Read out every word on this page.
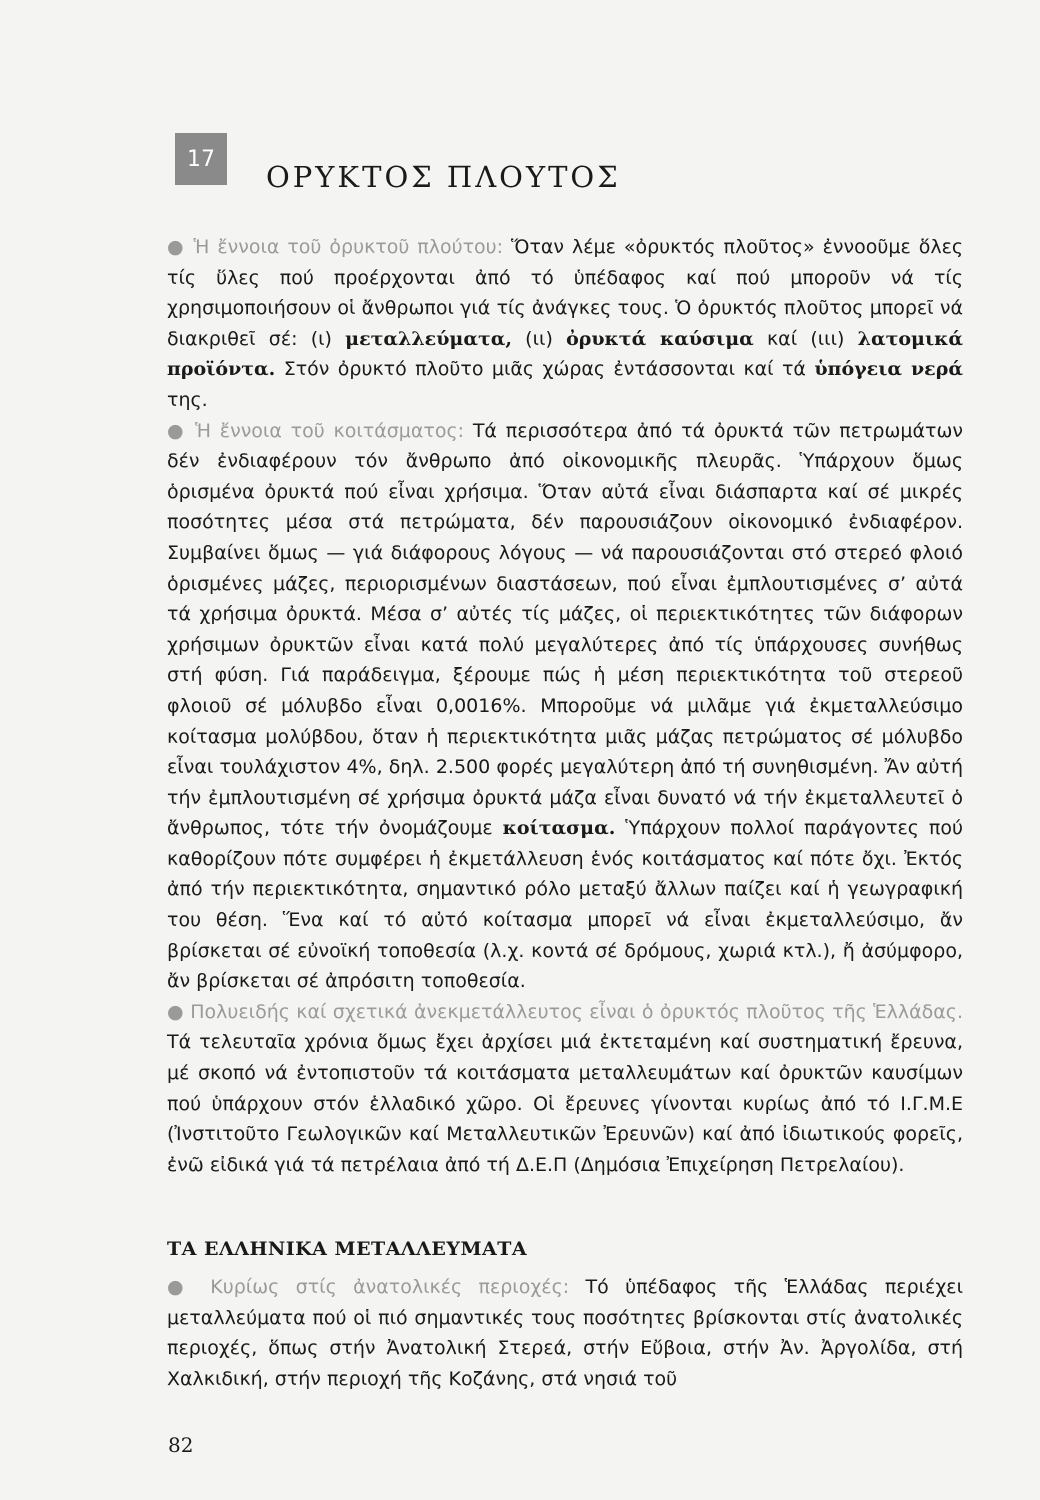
17
ΟΡΥΚΤΟΣ ΠΛΟΥΤΟΣ

● Ἡ ἔννοια τοῦ ὀρυκτοῦ πλούτου: Ὅταν λέμε «ὀρυκτός πλοῦτος» ἐννοοῦμε ὅλες τίς ὕλες πού προέρχονται ἀπό τό ὑπέδαφος καί πού μποροῦν νά τίς χρησιμοποιήσουν οἱ ἄνθρωποι γιά τίς ἀνάγκες τους. Ὁ ὀρυκτός πλοῦτος μπορεῖ νά διακριθεῖ σέ: (ι) μεταλλεύματα, (ιι) ὀρυκτά καύσιμα καί (ιιι) λατομικά προϊόντα. Στόν ὀρυκτό πλοῦτο μιᾶς χώρας ἐντάσσονται καί τά ὑπόγεια νερά της.

● Ἡ ἔννοια τοῦ κοιτάσματος: Τά περισσότερα ἀπό τά ὀρυκτά τῶν πετρωμάτων δέν ἐνδιαφέρουν τόν ἄνθρωπο ἀπό οἰκονομικῆς πλευρᾶς. Ὑπάρχουν ὅμως ὁρισμένα ὀρυκτά πού εἶναι χρήσιμα. Ὅταν αὐτά εἶναι διάσπαρτα καί σέ μικρές ποσότητες μέσα στά πετρώματα, δέν παρουσιάζουν οἰκονομικό ἐνδιαφέρον. Συμβαίνει ὅμως — γιά διάφορους λόγους — νά παρουσιάζονται στό στερεό φλοιό ὁρισμένες μάζες, περιορισμένων διαστάσεων, πού εἶναι ἐμπλουτισμένες σ’ αὐτά τά χρήσιμα ὀρυκτά. Μέσα σ’ αὐτές τίς μάζες, οἱ περιεκτικότητες τῶν διάφορων χρήσιμων ὀρυκτῶν εἶναι κατά πολύ μεγαλύτερες ἀπό τίς ὑπάρχουσες συνήθως στή φύση. Γιά παράδειγμα, ξέρουμε πώς ἡ μέση περιεκτικότητα τοῦ στερεοῦ φλοιοῦ σέ μόλυβδο εἶναι 0,0016%. Μποροῦμε νά μιλᾶμε γιά ἐκμεταλλεύσιμο κοίτασμα μολύβδου, ὅταν ἡ περιεκτικότητα μιᾶς μάζας πετρώματος σέ μόλυβδο εἶναι τουλάχιστον 4%, δηλ. 2.500 φορές μεγαλύτερη ἀπό τή συνηθισμένη. Ἄν αὐτή τήν ἐμπλουτισμένη σέ χρήσιμα ὀρυκτά μάζα εἶναι δυνατό νά τήν ἐκμεταλλευτεῖ ὁ ἄνθρωπος, τότε τήν ὀνομάζουμε κοίτασμα. Ὑπάρχουν πολλοί παράγοντες πού καθορίζουν πότε συμφέρει ἡ ἐκμετάλλευση ἑνός κοιτάσματος καί πότε ὄχι. Ἐκτός ἀπό τήν περιεκτικότητα, σημαντικό ρόλο μεταξύ ἄλλων παίζει καί ἡ γεωγραφική του θέση. Ἕνα καί τό αὐτό κοίτασμα μπορεῖ νά εἶναι ἐκμεταλλεύσιμο, ἄν βρίσκεται σέ εὐνοϊκή τοποθεσία (λ.χ. κοντά σέ δρόμους, χωριά κτλ.), ἤ ἀσύμφορο, ἄν βρίσκεται σέ ἀπρόσιτη τοποθεσία.

● Πολυειδής καί σχετικά ἀνεκμετάλλευτος εἶναι ὁ ὀρυκτός πλοῦτος τῆς Ἑλλάδας. Τά τελευταῖα χρόνια ὅμως ἔχει ἀρχίσει μιά ἐκτεταμένη καί συστηματική ἔρευνα, μέ σκοπό νά ἐντοπιστοῦν τά κοιτάσματα μεταλλευμάτων καί ὀρυκτῶν καυσίμων πού ὑπάρχουν στόν ἑλλαδικό χῶρο. Οἱ ἔρευνες γίνονται κυρίως ἀπό τό Ι.Γ.Μ.Ε (Ἰνστιτοῦτο Γεωλογικῶν καί Μεταλλευτικῶν Ἐρευνῶν) καί ἀπό ἰδιωτικούς φορεῖς, ἐνῶ εἰδικά γιά τά πετρέλαια ἀπό τή Δ.Ε.Π (Δημόσια Ἐπιχείρηση Πετρελαίου).

ΤΑ ΕΛΛΗΝΙΚΑ ΜΕΤΑΛΛΕΥΜΑΤΑ

● Κυρίως στίς ἀνατολικές περιοχές: Τό ὑπέδαφος τῆς Ἑλλάδας περιέχει μεταλλεύματα πού οἱ πιό σημαντικές τους ποσότητες βρίσκονται στίς ἀνατολικές περιοχές, ὅπως στήν Ἀνατολική Στερεά, στήν Εὔβοια, στήν Ἀν. Ἀργολίδα, στή Χαλκιδική, στήν περιοχή τῆς Κοζάνης, στά νησιά τοῦ

82
